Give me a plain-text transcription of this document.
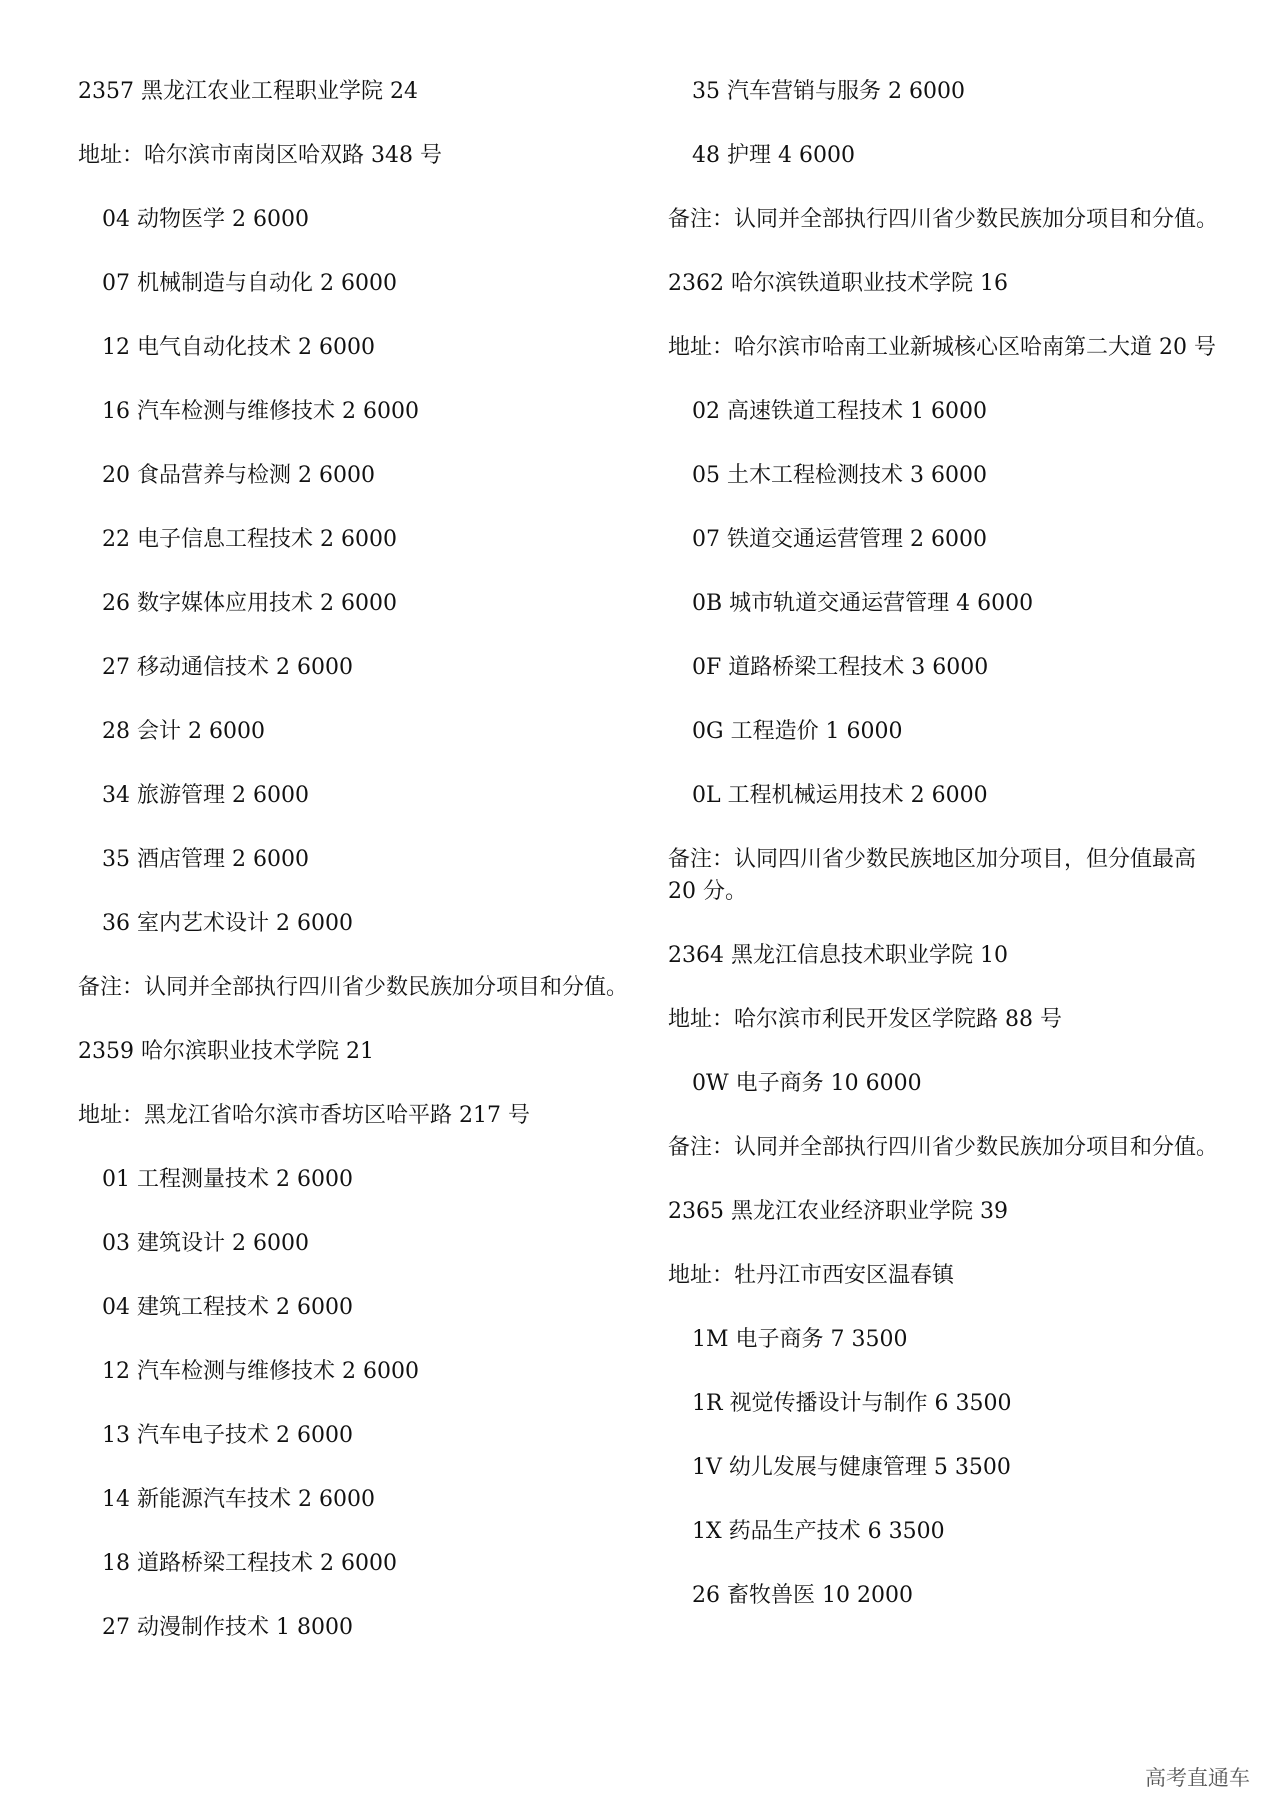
2357 黑龙江农业工程职业学院 24

地址：哈尔滨市南岗区哈双路 348 号

04 动物医学 2 6000

07 机械制造与自动化 2 6000

12 电气自动化技术 2 6000

16 汽车检测与维修技术 2 6000

20 食品营养与检测 2 6000

22 电子信息工程技术 2 6000

26 数字媒体应用技术 2 6000

27 移动通信技术 2 6000

28 会计 2 6000

34 旅游管理 2 6000

35 酒店管理 2 6000

36 室内艺术设计 2 6000

备注：认同并全部执行四川省少数民族加分项目和分值。

2359 哈尔滨职业技术学院 21

地址：黑龙江省哈尔滨市香坊区哈平路 217 号

01 工程测量技术 2 6000

03 建筑设计 2 6000

04 建筑工程技术 2 6000

12 汽车检测与维修技术 2 6000

13 汽车电子技术 2 6000

14 新能源汽车技术 2 6000

18 道路桥梁工程技术 2 6000

27 动漫制作技术 1 8000

35 汽车营销与服务 2 6000

48 护理 4 6000

备注：认同并全部执行四川省少数民族加分项目和分值。

2362 哈尔滨铁道职业技术学院 16

地址：哈尔滨市哈南工业新城核心区哈南第二大道 20 号

02 高速铁道工程技术 1 6000

05 土木工程检测技术 3 6000

07 铁道交通运营管理 2 6000

0B 城市轨道交通运营管理 4 6000

0F 道路桥梁工程技术 3 6000

0G 工程造价 1 6000

0L 工程机械运用技术 2 6000

备注：认同四川省少数民族地区加分项目，但分值最高 20 分。

2364 黑龙江信息技术职业学院 10

地址：哈尔滨市利民开发区学院路 88 号

0W 电子商务 10 6000

备注：认同并全部执行四川省少数民族加分项目和分值。

2365 黑龙江农业经济职业学院 39

地址：牡丹江市西安区温春镇

1M 电子商务 7 3500

1R 视觉传播设计与制作 6 3500

1V 幼儿发展与健康管理 5 3500

1X 药品生产技术 6 3500

26 畜牧兽医 10 2000

高考直通车
